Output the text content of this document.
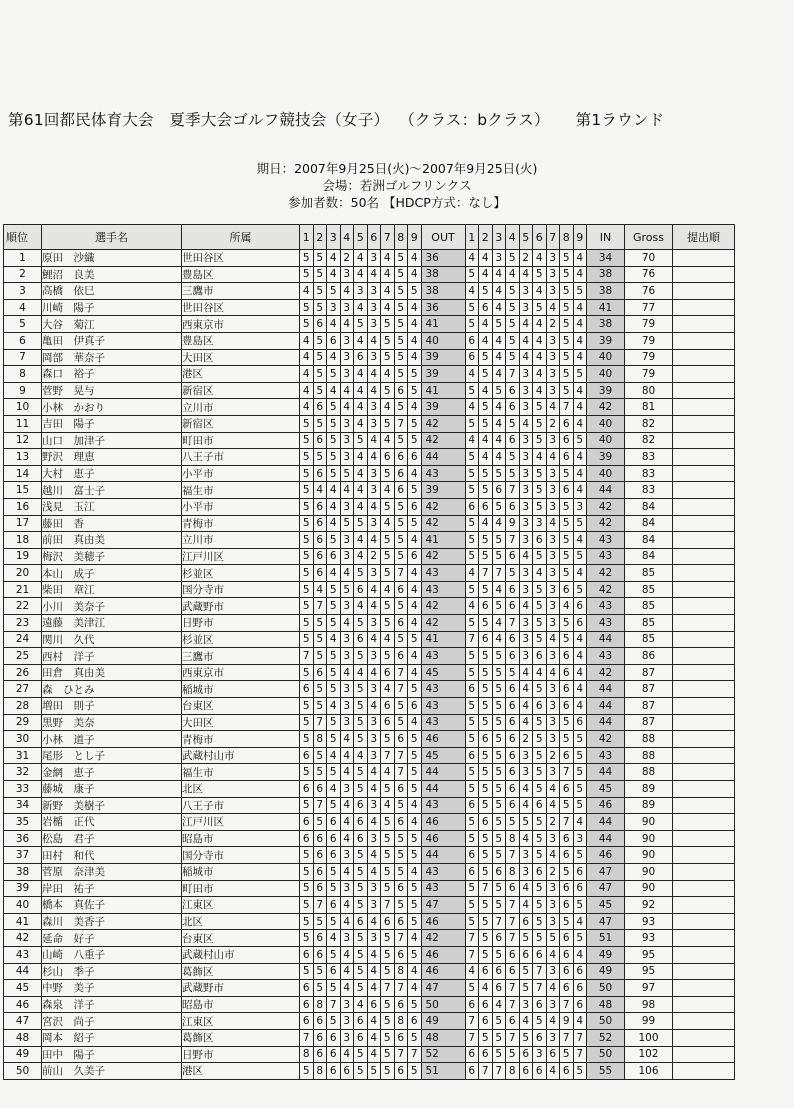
第61回都民体育大会　夏季大会ゴルフ競技会（女子） （クラス：bクラス） 第1ラウンド
期日：2007年9月25日(火)～2007年9月25日(火)
会場：若洲ゴルフリンクス
参加者数：50名 【HDCP方式：なし】
順位	選手名	所属	1	2	3	4	5	6	7	8	9	OUT	1	2	3	4	5	6	7	8	9	IN	Gross	提出順
1	原田　沙織	世田谷区	5	5	4	2	4	3	4	5	4	36	4	4	3	5	2	4	3	5	4	34	70	
2	鯉沼　良美	豊島区	5	5	4	3	4	4	4	5	4	38	5	4	4	4	4	5	3	5	4	38	76	
3	高橋　依巳	三鷹市	4	5	5	4	3	3	4	5	5	38	4	5	4	5	3	4	3	5	5	38	76	
4	川崎　陽子	世田谷区	5	5	3	3	4	3	4	5	4	36	5	6	4	5	3	5	4	5	4	41	77	
5	大谷　菊江	西東京市	5	6	4	4	5	3	5	5	4	41	5	4	5	5	4	4	2	5	4	38	79	
6	亀田　伊真子	豊島区	4	5	6	3	4	4	5	5	4	40	6	4	4	5	4	4	3	5	4	39	79	
7	岡部　華奈子	大田区	4	5	4	3	6	3	5	5	4	39	6	5	4	5	4	4	3	5	4	40	79	
8	森口　裕子	港区	4	5	5	3	4	4	4	5	5	39	4	5	4	7	3	4	3	5	5	40	79	
9	菅野　晃与	新宿区	4	5	4	4	4	4	5	6	5	41	5	4	5	6	3	4	3	5	4	39	80	
10	小林　かおり	立川市	4	6	5	4	4	3	4	5	4	39	4	5	4	6	3	5	4	7	4	42	81	
11	吉田　陽子	新宿区	5	5	5	3	4	3	5	7	5	42	5	5	4	5	4	5	2	6	4	40	82	
12	山口　加津子	町田市	5	6	5	3	5	4	4	5	5	42	4	4	4	6	3	5	3	6	5	40	82	
13	野沢　理恵	八王子市	5	5	5	3	4	4	6	6	6	44	5	4	4	5	3	4	4	6	4	39	83	
14	大村　恵子	小平市	5	6	5	5	4	3	5	6	4	43	5	5	5	5	3	5	3	5	4	40	83	
15	越川　富士子	福生市	5	4	4	4	4	3	4	6	5	39	5	5	6	7	3	5	3	6	4	44	83	
16	浅見　玉江	小平市	5	6	4	3	4	4	5	5	6	42	6	6	5	6	3	5	3	5	3	42	84	
17	藤田　香	青梅市	5	6	4	5	5	3	4	5	5	42	5	4	4	9	3	3	4	5	5	42	84	
18	前田　真由美	立川市	5	6	5	3	4	4	5	5	4	41	5	5	5	7	3	6	3	5	4	43	84	
19	梅沢　美穂子	江戸川区	5	6	6	3	4	2	5	5	6	42	5	5	5	6	4	5	3	5	5	43	84	
20	本山　成子	杉並区	5	6	4	4	5	3	5	7	4	43	4	7	7	5	3	4	3	5	4	42	85	
21	柴田　章江	国分寺市	5	4	5	5	6	4	4	6	4	43	5	5	4	6	3	5	3	6	5	42	85	
22	小川　美奈子	武蔵野市	5	7	5	3	4	4	5	5	4	42	4	6	5	6	4	5	3	4	6	43	85	
23	遠藤　美津江	日野市	5	5	5	4	5	3	5	6	4	42	5	5	4	7	3	5	3	5	6	43	85	
24	関川　久代	杉並区	5	5	4	3	6	4	4	5	5	41	7	6	4	6	3	5	4	5	4	44	85	
25	西村　洋子	三鷹市	7	5	5	3	5	3	5	6	4	43	5	5	5	6	3	6	3	6	4	43	86	
26	田倉　真由美	西東京市	5	6	5	4	4	4	6	7	4	45	5	5	5	5	4	4	4	6	4	42	87	
27	森　ひとみ	稲城市	6	5	5	3	5	3	4	7	5	43	6	5	5	6	4	5	3	6	4	44	87	
28	増田　則子	台東区	5	5	4	3	5	4	6	5	6	43	5	5	5	6	4	6	3	6	4	44	87	
29	黒野　美奈	大田区	5	7	5	3	5	3	6	5	4	43	5	5	5	6	4	5	3	5	6	44	87	
30	小林　道子	青梅市	5	8	5	4	5	3	5	6	5	46	5	6	5	6	2	5	3	5	5	42	88	
31	尾形　とし子	武蔵村山市	6	5	4	4	4	3	7	7	5	45	6	5	5	6	3	5	2	6	5	43	88	
32	金網　恵子	福生市	5	5	5	4	5	4	4	7	5	44	5	5	5	6	3	5	3	7	5	44	88	
33	藤城　康子	北区	6	6	4	3	5	4	5	6	5	44	5	5	5	6	4	5	4	6	5	45	89	
34	新野　美樹子	八王子市	5	7	5	4	6	3	4	5	4	43	6	5	5	6	4	6	4	5	5	46	89	
35	岩楯　正代	江戸川区	6	5	6	4	6	4	5	6	4	46	5	6	5	5	5	5	2	7	4	44	90	
36	松島　君子	昭島市	6	6	6	4	6	3	5	5	5	46	5	5	5	8	4	5	3	6	3	44	90	
37	田村　和代	国分寺市	5	6	6	3	5	4	5	5	5	44	6	5	5	7	3	5	4	6	5	46	90	
38	菅原　奈津美	稲城市	5	6	5	4	5	4	5	5	4	43	6	5	6	8	3	6	2	5	6	47	90	
39	岸田　祐子	町田市	5	6	5	3	5	3	5	6	5	43	5	7	5	6	4	5	3	6	6	47	90	
40	橋本　真佐子	江東区	5	7	6	4	5	3	7	5	5	47	5	5	5	7	4	5	3	6	5	45	92	
41	森川　美香子	北区	5	5	5	4	6	4	6	6	5	46	5	5	7	7	6	5	3	5	4	47	93	
42	延命　好子	台東区	5	6	4	3	5	3	5	7	4	42	7	5	6	7	5	5	5	6	5	51	93	
43	山崎　八重子	武蔵村山市	6	6	5	4	5	4	5	6	5	46	7	5	5	6	6	6	4	6	4	49	95	
44	杉山　季子	葛飾区	5	5	6	4	5	4	5	8	4	46	4	6	6	6	5	7	3	6	6	49	95	
45	中野　美子	武蔵野市	6	5	5	4	5	4	7	7	4	47	5	4	6	7	5	7	4	6	6	50	97	
46	森泉　洋子	昭島市	6	8	7	3	4	6	5	6	5	50	6	6	4	7	3	6	3	7	6	48	98	
47	宮沢　尚子	江東区	6	6	5	3	6	4	5	8	6	49	7	6	5	6	4	5	4	9	4	50	99	
48	岡本　紹子	葛飾区	7	6	6	3	6	4	5	6	5	48	7	5	5	7	5	6	3	7	7	52	100	
49	田中　陽子	日野市	8	6	6	4	5	4	5	7	7	52	6	6	5	5	6	3	6	5	7	50	102	
50	前山　久美子	港区	5	8	6	6	5	5	5	6	5	51	6	7	7	8	6	6	4	6	5	55	106	
